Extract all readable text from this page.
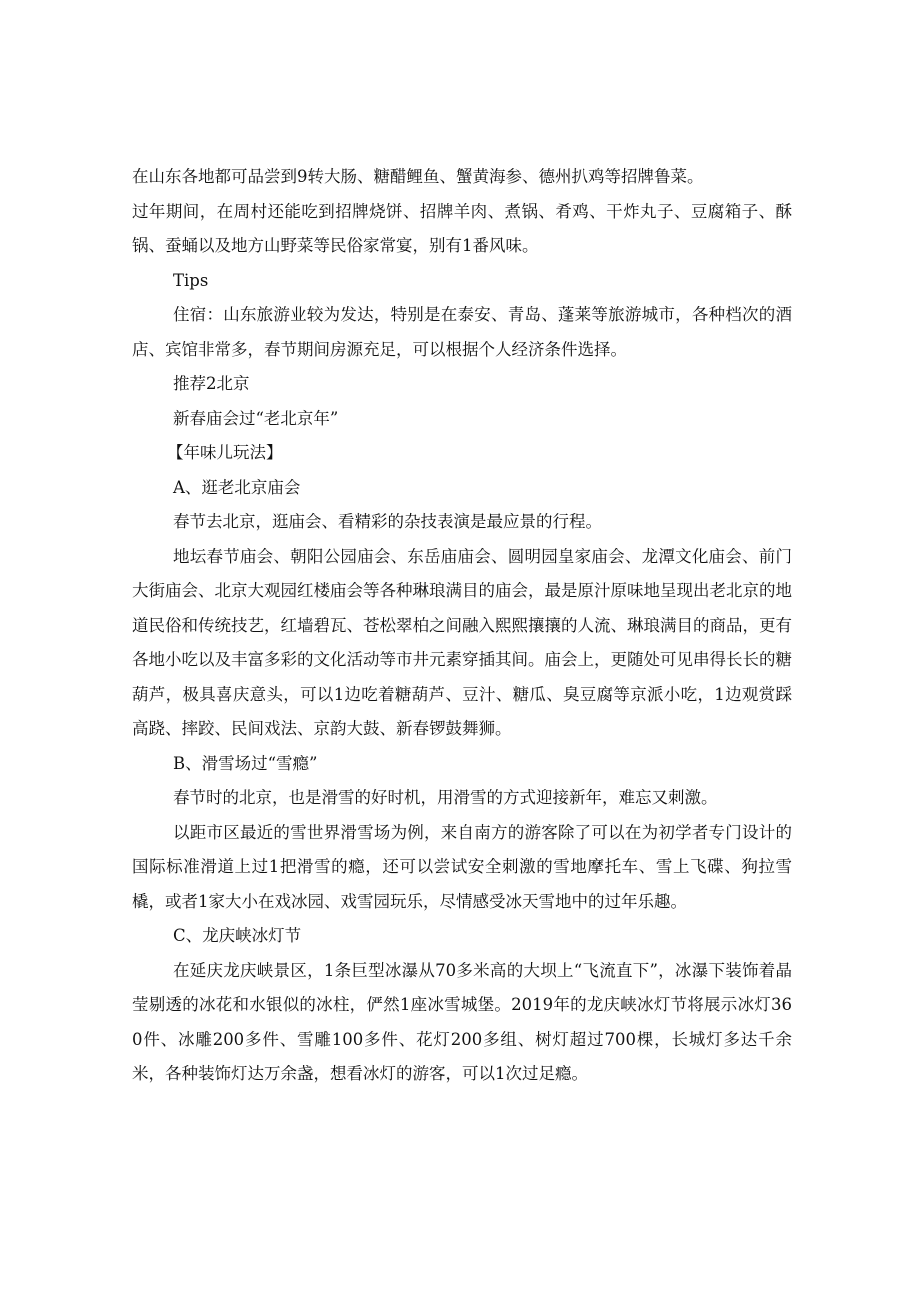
在山东各地都可品尝到9转大肠、糖醋鲤鱼、蟹黄海参、德州扒鸡等招牌鲁菜。

过年期间，在周村还能吃到招牌烧饼、招牌羊肉、煮锅、肴鸡、干炸丸子、豆腐箱子、酥锅、蚕蛹以及地方山野菜等民俗家常宴，别有1番风味。

Tips

住宿：山东旅游业较为发达，特别是在泰安、青岛、蓬莱等旅游城市，各种档次的酒店、宾馆非常多，春节期间房源充足，可以根据个人经济条件选择。

推荐2北京

新春庙会过“老北京年”

【年味儿玩法】

A、逛老北京庙会

春节去北京，逛庙会、看精彩的杂技表演是最应景的行程。

地坛春节庙会、朝阳公园庙会、东岳庙庙会、圆明园皇家庙会、龙潭文化庙会、前门大街庙会、北京大观园红楼庙会等各种琳琅满目的庙会，最是原汁原味地呈现出老北京的地道民俗和传统技艺，红墙碧瓦、苍松翠柏之间融入熙熙攘攘的人流、琳琅满目的商品，更有各地小吃以及丰富多彩的文化活动等市井元素穿插其间。庙会上，更随处可见串得长长的糖葫芦，极具喜庆意头，可以1边吃着糖葫芦、豆汁、糖瓜、臭豆腐等京派小吃，1边观赏踩高跷、摔跤、民间戏法、京韵大鼓、新春锣鼓舞狮。

B、滑雪场过“雪瘾”

春节时的北京，也是滑雪的好时机，用滑雪的方式迎接新年，难忘又刺激。

以距市区最近的雪世界滑雪场为例，来自南方的游客除了可以在为初学者专门设计的国际标准滑道上过1把滑雪的瘾，还可以尝试安全刺激的雪地摩托车、雪上飞碟、狗拉雪橇，或者1家大小在戏冰园、戏雪园玩乐，尽情感受冰天雪地中的过年乐趣。

C、龙庆峡冰灯节

在延庆龙庆峡景区，1条巨型冰瀑从70多米高的大坝上“飞流直下”，冰瀑下装饰着晶莹剔透的冰花和水银似的冰柱，俨然1座冰雪城堡。2019年的龙庆峡冰灯节将展示冰灯360件、冰雕200多件、雪雕100多件、花灯200多组、树灯超过700棵，长城灯多达千余米，各种装饰灯达万余盏，想看冰灯的游客，可以1次过足瘾。
